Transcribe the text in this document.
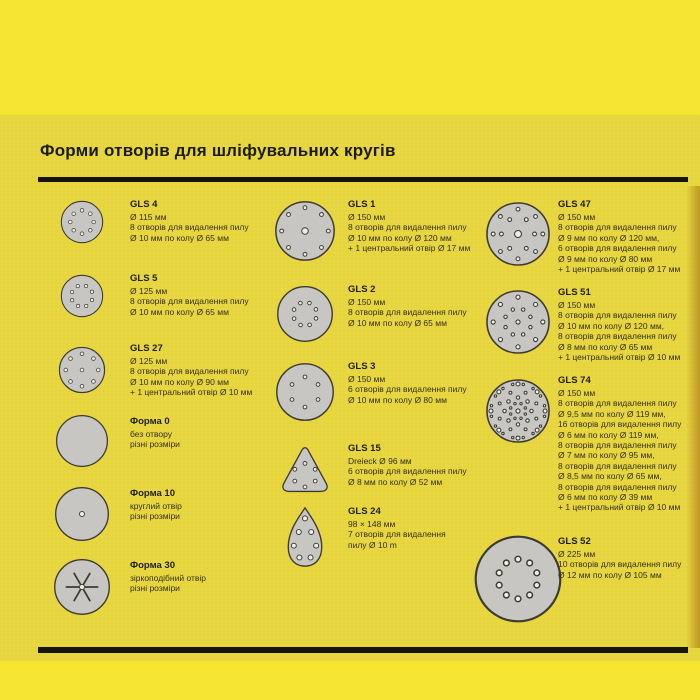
Форми отворів для шліфувальних кругів
GLS 4
Ø 115 мм
8 отворів для видалення пилу
Ø 10 мм по колу Ø 65 мм
GLS 5
Ø 125 мм
8 отворів для видалення пилу
Ø 10 мм по колу Ø 65 мм
GLS 27
Ø 125 мм
8 отворів для видалення пилу
Ø 10 мм по колу Ø 90 мм
+ 1 центральний отвір Ø 10 мм
Форма 0
без отвору
різні розміри
Форма 10
круглий отвір
різні розміри
Форма 30
зіркоподібний отвір
різні розміри
GLS 1
Ø 150 мм
8 отворів для видалення пилу
Ø 10 мм по колу Ø 120 мм
+ 1 центральний отвір Ø 17 мм
GLS 2
Ø 150 мм
8 отворів для видалення пилу
Ø 10 мм по колу Ø 65 мм
GLS 3
Ø 150 мм
6 отворів для видалення пилу
Ø 10 мм по колу Ø 80 мм
GLS 15
Dreieck Ø 96 мм
6 отворів для видалення пилу
Ø 8 мм по колу Ø 52 мм
GLS 24
98 × 148 мм
7 отворів для видалення
пилу Ø 10 m
GLS 47
Ø 150 мм
8 отворів для видалення пилу
Ø 9 мм по колу Ø 120 мм,
6 отворів для видалення пилу
Ø 9 мм по колу Ø 80 мм
+ 1 центральний отвір Ø 17 мм
GLS 51
Ø 150 мм
8 отворів для видалення пилу
Ø 10 мм по колу Ø 120 мм,
8 отворів для видалення пилу
Ø 8 мм по колу Ø 65 мм
+ 1 центральний отвір Ø 10 мм
GLS 74
Ø 150 мм
8 отворів для видалення пилу
Ø 9,5 мм по колу Ø 119 мм,
16 отворів для видалення пилу
Ø 6 мм по колу Ø 119 мм,
8 отворів для видалення пилу
Ø 7 мм по колу Ø 95 мм,
8 отворів для видалення пилу
Ø 8,5 мм по колу Ø 65 мм,
8 отворів для видалення пилу
Ø 6 мм по колу Ø 39 мм
+ 1 центральний отвір Ø 10 мм
GLS 52
Ø 225 мм
10 отворів для видалення пилу
Ø 12 мм по колу Ø 105 мм
